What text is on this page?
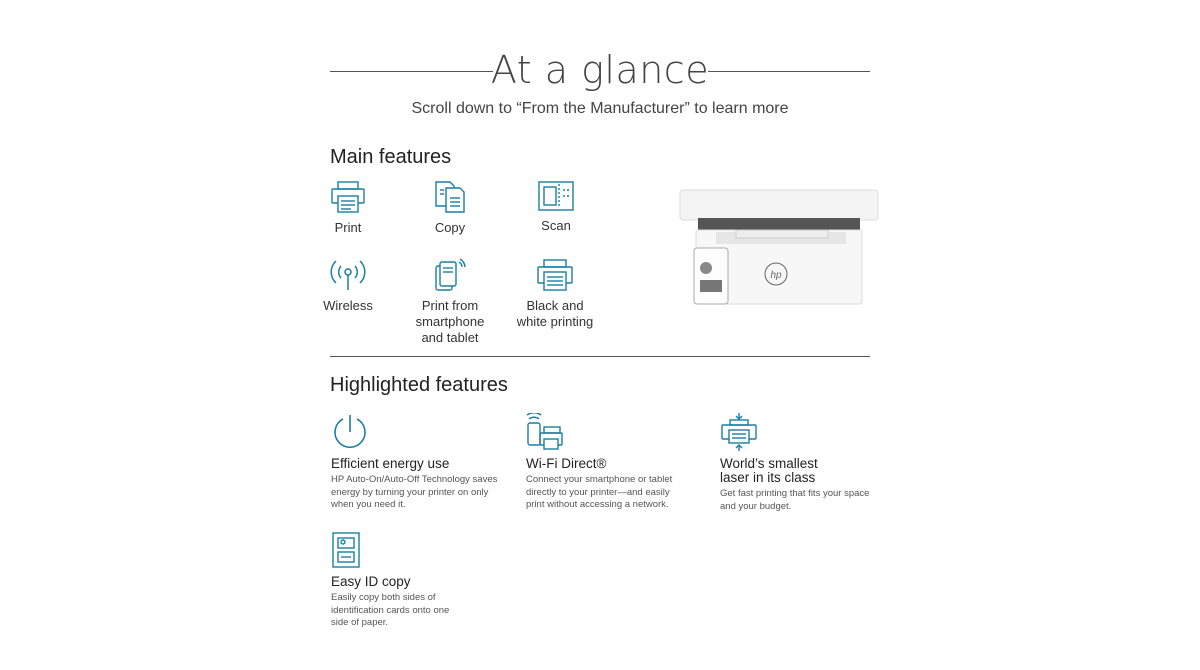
At a glance
Scroll down to “From the Manufacturer” to learn more
Main features
Print	Copy	Scan
Wireless	Print from smartphone and tablet
Black and white printing
hp
Highlighted features
Efficient energy use
HP Auto-On/Auto-Off Technology saves energy by turning your printer on only when you need it.
Wi-Fi Direct®
Connect your smartphone or tablet directly to your printer—and easily print without accessing a network.
World’s smallest laser in its class
Get fast printing that fits your space and your budget.
Easy ID copy
Easily copy both sides of identification cards onto one side of paper.
